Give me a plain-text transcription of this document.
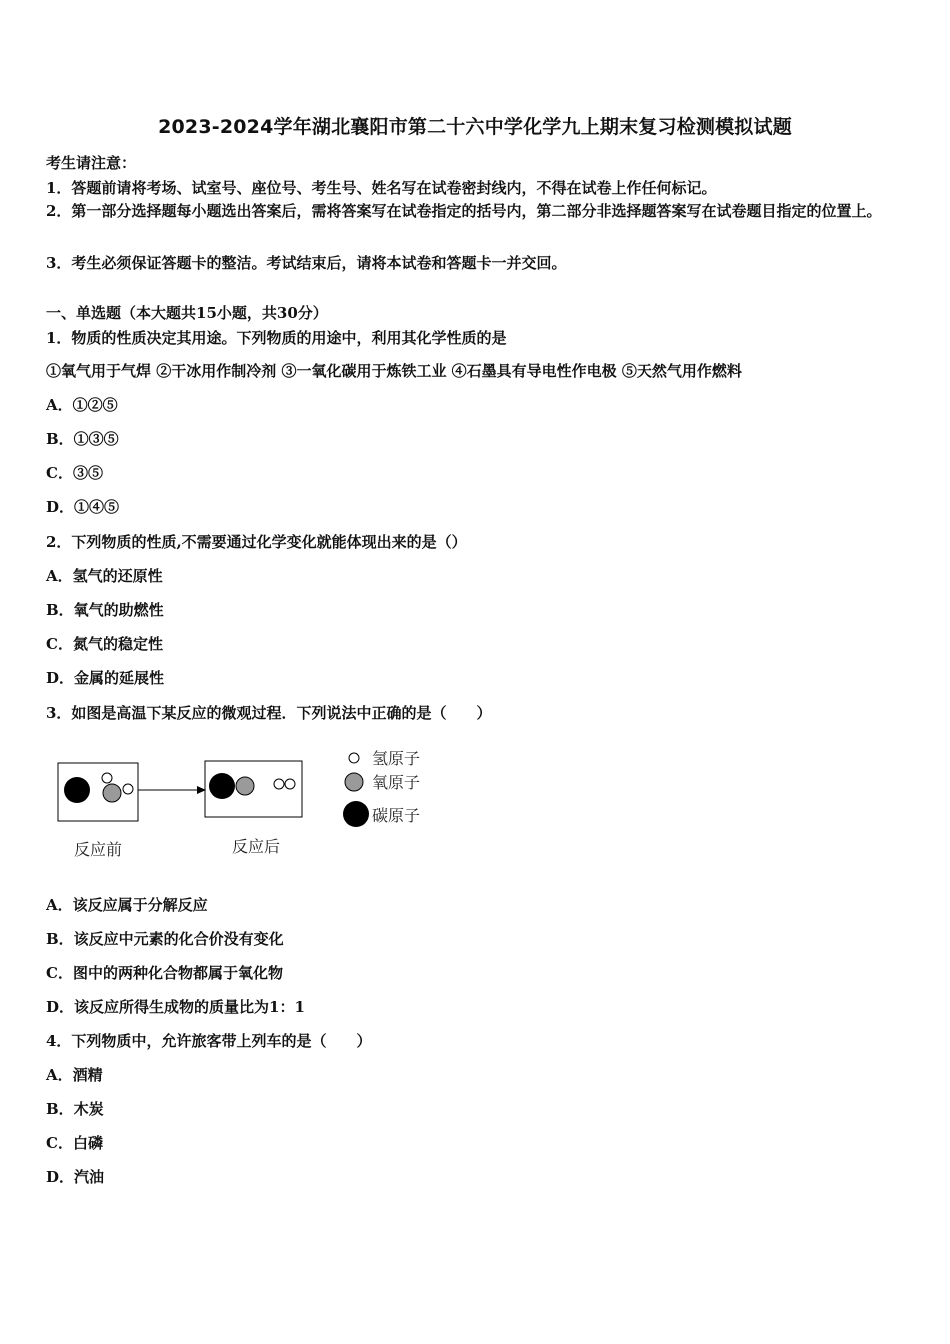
2023-2024学年湖北襄阳市第二十六中学化学九上期末复习检测模拟试题
考生请注意：
1．答题前请将考场、试室号、座位号、考生号、姓名写在试卷密封线内，不得在试卷上作任何标记。
2．第一部分选择题每小题选出答案后，需将答案写在试卷指定的括号内，第二部分非选择题答案写在试卷题目指定的位置上。
3．考生必须保证答题卡的整洁。考试结束后，请将本试卷和答题卡一并交回。
一、单选题（本大题共15小题，共30分）
1．物质的性质决定其用途。下列物质的用途中，利用其化学性质的是
①氧气用于气焊 ②干冰用作制冷剂 ③一氧化碳用于炼铁工业 ④石墨具有导电性作电极 ⑤天然气用作燃料
A．①②⑤
B．①③⑤
C．③⑤
D．①④⑤
2．下列物质的性质,不需要通过化学变化就能体现出来的是（）
A．氢气的还原性
B．氧气的助燃性
C．氮气的稳定性
D．金属的延展性
3．如图是高温下某反应的微观过程．下列说法中正确的是（　　）
反应前	反应后
氢原子
氧原子
碳原子
A．该反应属于分解反应
B．该反应中元素的化合价没有变化
C．图中的两种化合物都属于氧化物
D．该反应所得生成物的质量比为1：1
4．下列物质中，允许旅客带上列车的是（　　）
A．酒精
B．木炭
C．白磷
D．汽油
